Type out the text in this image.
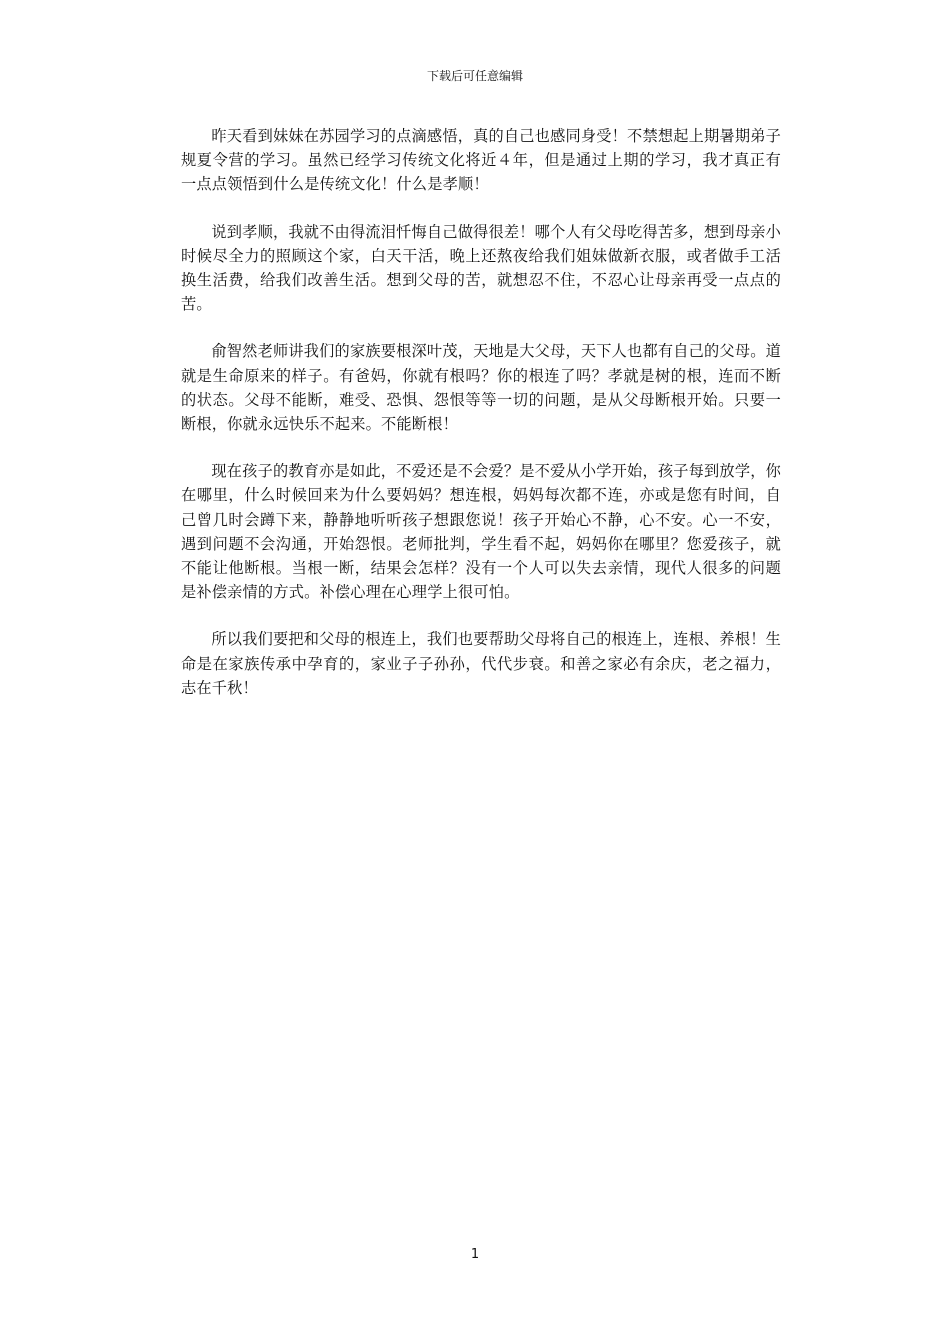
下载后可任意编辑

昨天看到妹妹在苏园学习的点滴感悟，真的自己也感同身受！不禁想起上期暑期弟子规夏令营的学习。虽然已经学习传统文化将近４年，但是通过上期的学习，我才真正有一点点领悟到什么是传统文化！什么是孝顺！

说到孝顺，我就不由得流泪忏悔自己做得很差！哪个人有父母吃得苦多，想到母亲小时候尽全力的照顾这个家，白天干活，晚上还熬夜给我们姐妹做新衣服，或者做手工活换生活费，给我们改善生活。想到父母的苦，就想忍不住，不忍心让母亲再受一点点的苦。

俞智然老师讲我们的家族要根深叶茂，天地是大父母，天下人也都有自己的父母。道就是生命原来的样子。有爸妈，你就有根吗？你的根连了吗？孝就是树的根，连而不断的状态。父母不能断，难受、恐惧、怨恨等等一切的问题，是从父母断根开始。只要一断根，你就永远快乐不起来。不能断根！

现在孩子的教育亦是如此，不爱还是不会爱？是不爱从小学开始，孩子每到放学，你在哪里，什么时候回来为什么要妈妈？想连根，妈妈每次都不连，亦或是您有时间，自己曾几时会蹲下来，静静地听听孩子想跟您说！孩子开始心不静，心不安。心一不安，遇到问题不会沟通，开始怨恨。老师批判，学生看不起，妈妈你在哪里？您爱孩子，就不能让他断根。当根一断，结果会怎样？没有一个人可以失去亲情，现代人很多的问题是补偿亲情的方式。补偿心理在心理学上很可怕。

所以我们要把和父母的根连上，我们也要帮助父母将自己的根连上，连根、养根！生命是在家族传承中孕育的，家业子子孙孙，代代步衰。和善之家必有余庆，老之福力，志在千秋！

1
